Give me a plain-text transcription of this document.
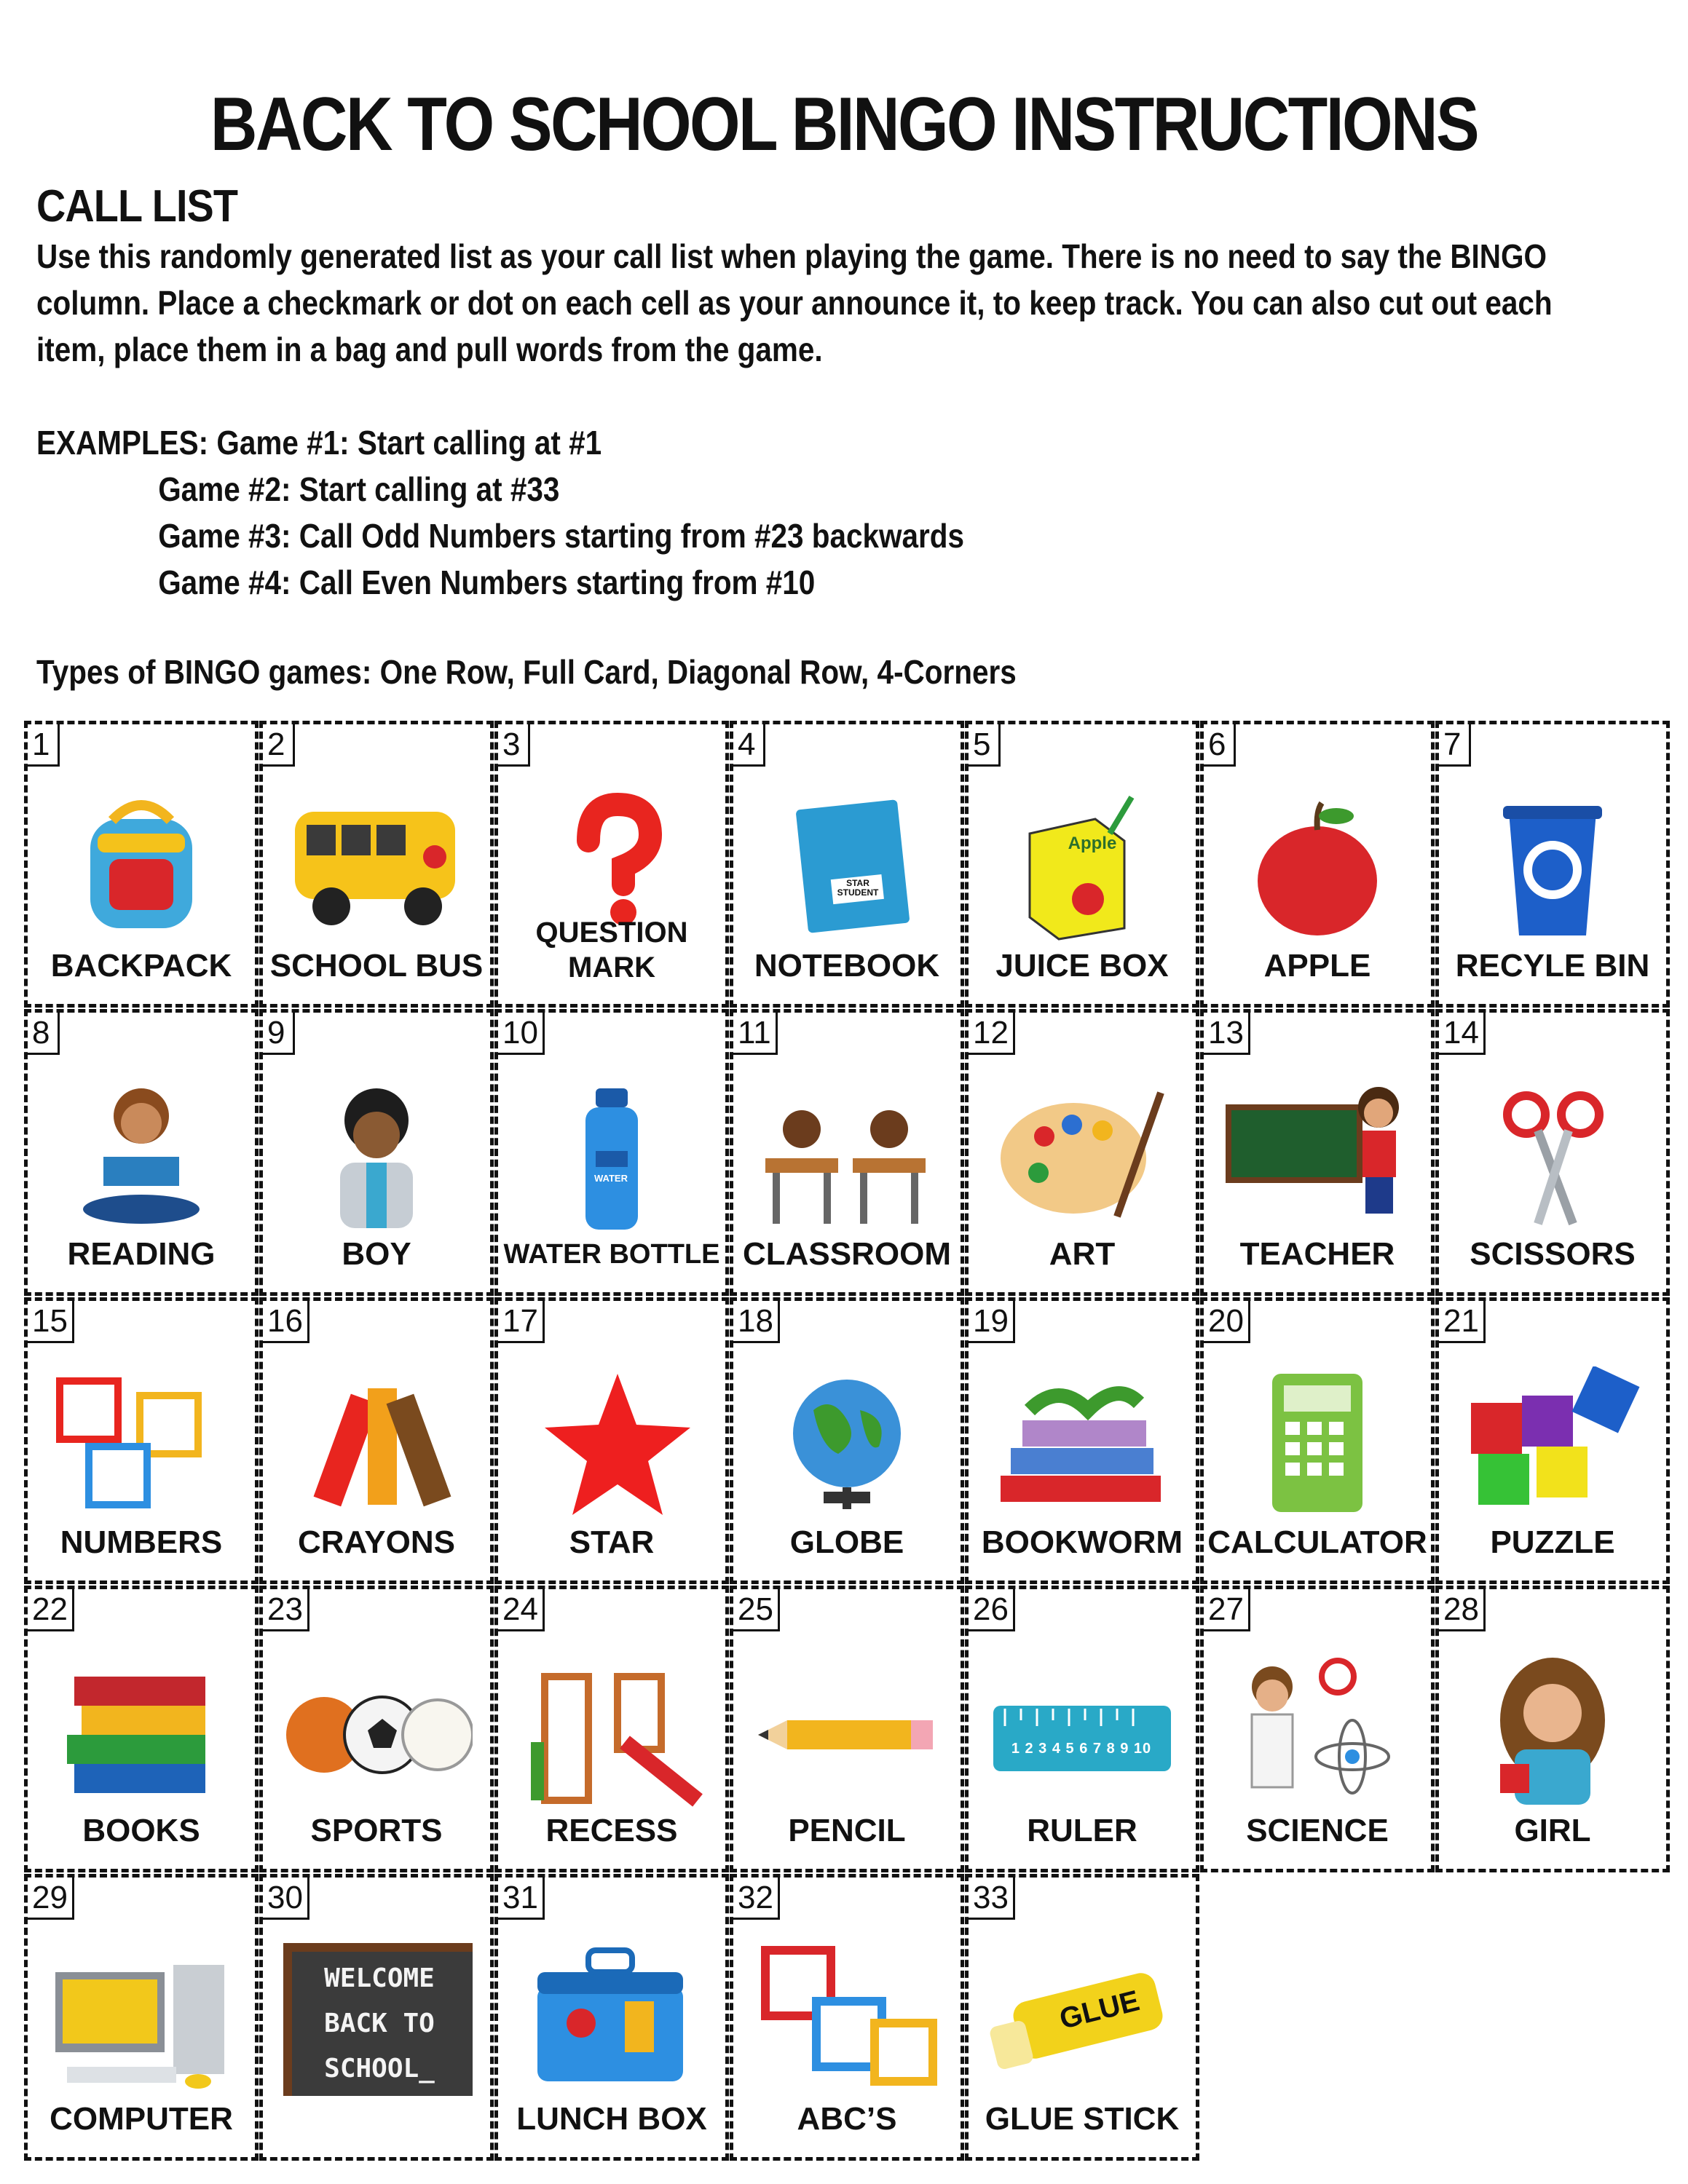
BACK TO SCHOOL BINGO INSTRUCTIONS
CALL LIST

Use this randomly generated list as your call list when playing the game. There is no need to say the BINGO column. Place a checkmark or dot on each cell as your announce it, to keep track. You can also cut out each item, place them in a bag and pull words from the game.

EXAMPLES: Game #1: Start calling at #1
Game #2: Start calling at #33
Game #3: Call Odd Numbers starting from #23 backwards
Game #4: Call Even Numbers starting from #10
Types of BINGO games: One Row, Full Card, Diagonal Row, 4-Corners
1
BACKPACK
2
SCHOOL BUS
3
QUESTION
MARK
4
STAR STUDENT
NOTEBOOK
5
Apple
JUICE BOX
6
APPLE
7
RECYLE BIN
8
READING
9
BOY
10
WATER
WATER BOTTLE
11
CLASSROOM
12
ART
13
TEACHER
14
SCISSORS
15
NUMBERS
16
CRAYONS
17
STAR
18
GLOBE
19
BOOKWORM
20
CALCULATOR
21
PUZZLE
22
BOOKS
23
SPORTS
24
RECESS
25
PENCIL
26
1 2 3 4 5 6 7 8 9 10
RULER
27
SCIENCE
28
GIRL
29
COMPUTER
30
WELCOME
BACK TO
SCHOOL_
31
LUNCH BOX
32
ABC’S
33
GLUE
GLUE STICK
